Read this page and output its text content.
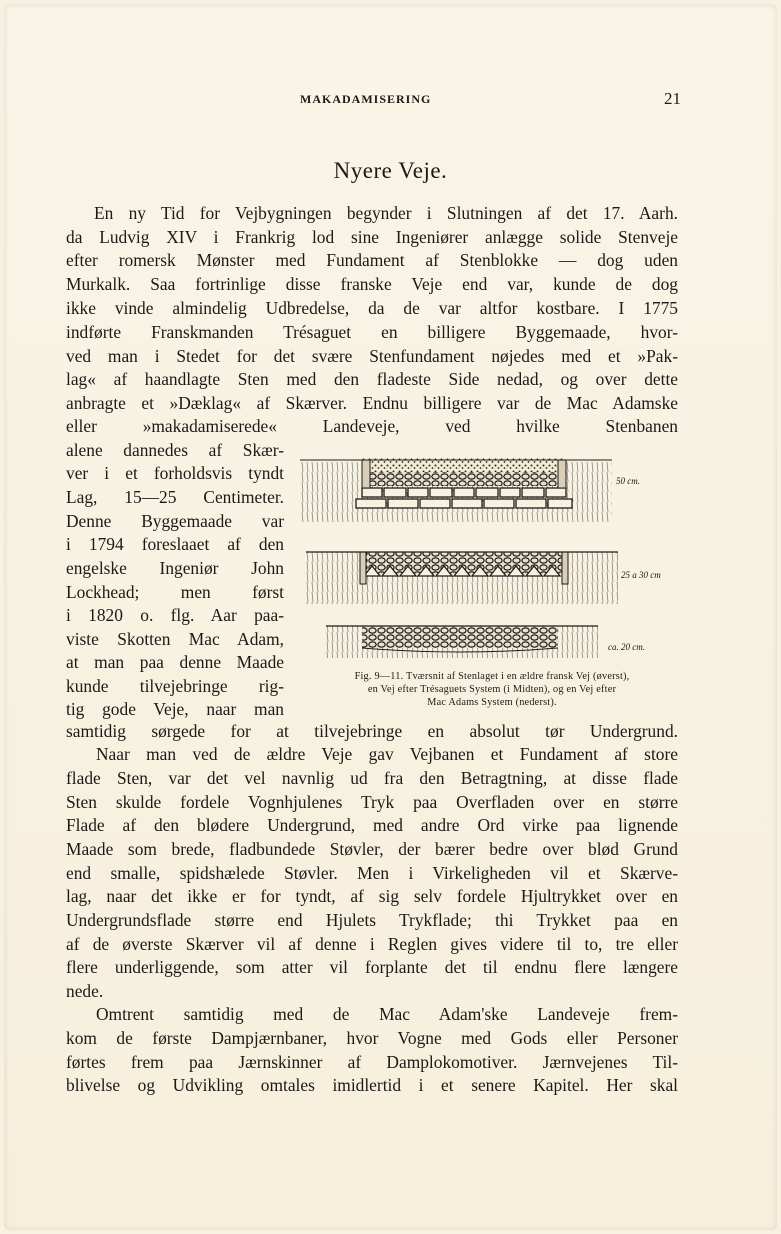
MAKADAMISERING	21
Nyere Veje.
En ny Tid for Vejbygningen begynder i Slutningen af det 17. Aarh.
da Ludvig XIV i Frankrig lod sine Ingeniører anlægge solide Stenveje
efter romersk Mønster med Fundament af Stenblokke — dog uden
Murkalk. Saa fortrinlige disse franske Veje end var, kunde de dog
ikke vinde almindelig Udbredelse, da de var altfor kostbare. I 1775
indførte Franskmanden Trésaguet en billigere Byggemaade, hvor-
ved man i Stedet for det svære Stenfundament nøjedes med et »Pak-
lag« af haandlagte Sten med den fladeste Side nedad, og over dette
anbragte et »Dæklag« af Skærver. Endnu billigere var de Mac Adamske
eller »makadamiserede« Landeveje, ved hvilke Stenbanen
alene dannedes af Skær-
ver i et forholdsvis tyndt
Lag, 15—25 Centimeter.
Denne Byggemaade var
i 1794 foreslaaet af den
engelske Ingeniør John
Lockhead; men først
i 1820 o. flg. Aar paa-
viste Skotten Mac Adam,
at man paa denne Maade
kunde tilvejebringe rig-
tig gode Veje, naar man
50 cm.
25 a 30 cm
ca. 20 cm.
Fig. 9—11. Tværsnit af Stenlaget i en ældre fransk Vej (øverst),
en Vej efter Trésaguets System (i Midten), og en Vej efter
Mac Adams System (nederst).
samtidig sørgede for at tilvejebringe en absolut tør Undergrund.
Naar man ved de ældre Veje gav Vejbanen et Fundament af store
flade Sten, var det vel navnlig ud fra den Betragtning, at disse flade
Sten skulde fordele Vognhjulenes Tryk paa Overfladen over en større
Flade af den blødere Undergrund, med andre Ord virke paa lignende
Maade som brede, fladbundede Støvler, der bærer bedre over blød Grund
end smalle, spidshælede Støvler. Men i Virkeligheden vil et Skærve-
lag, naar det ikke er for tyndt, af sig selv fordele Hjultrykket over en
Undergrundsflade større end Hjulets Trykflade; thi Trykket paa en
af de øverste Skærver vil af denne i Reglen gives videre til to, tre eller
flere underliggende, som atter vil forplante det til endnu flere længere
nede.
Omtrent samtidig med de Mac Adam'ske Landeveje frem-
kom de første Dampjærnbaner, hvor Vogne med Gods eller Personer
førtes frem paa Jærnskinner af Damplokomotiver. Jærnvejenes Til-
blivelse og Udvikling omtales imidlertid i et senere Kapitel. Her skal
